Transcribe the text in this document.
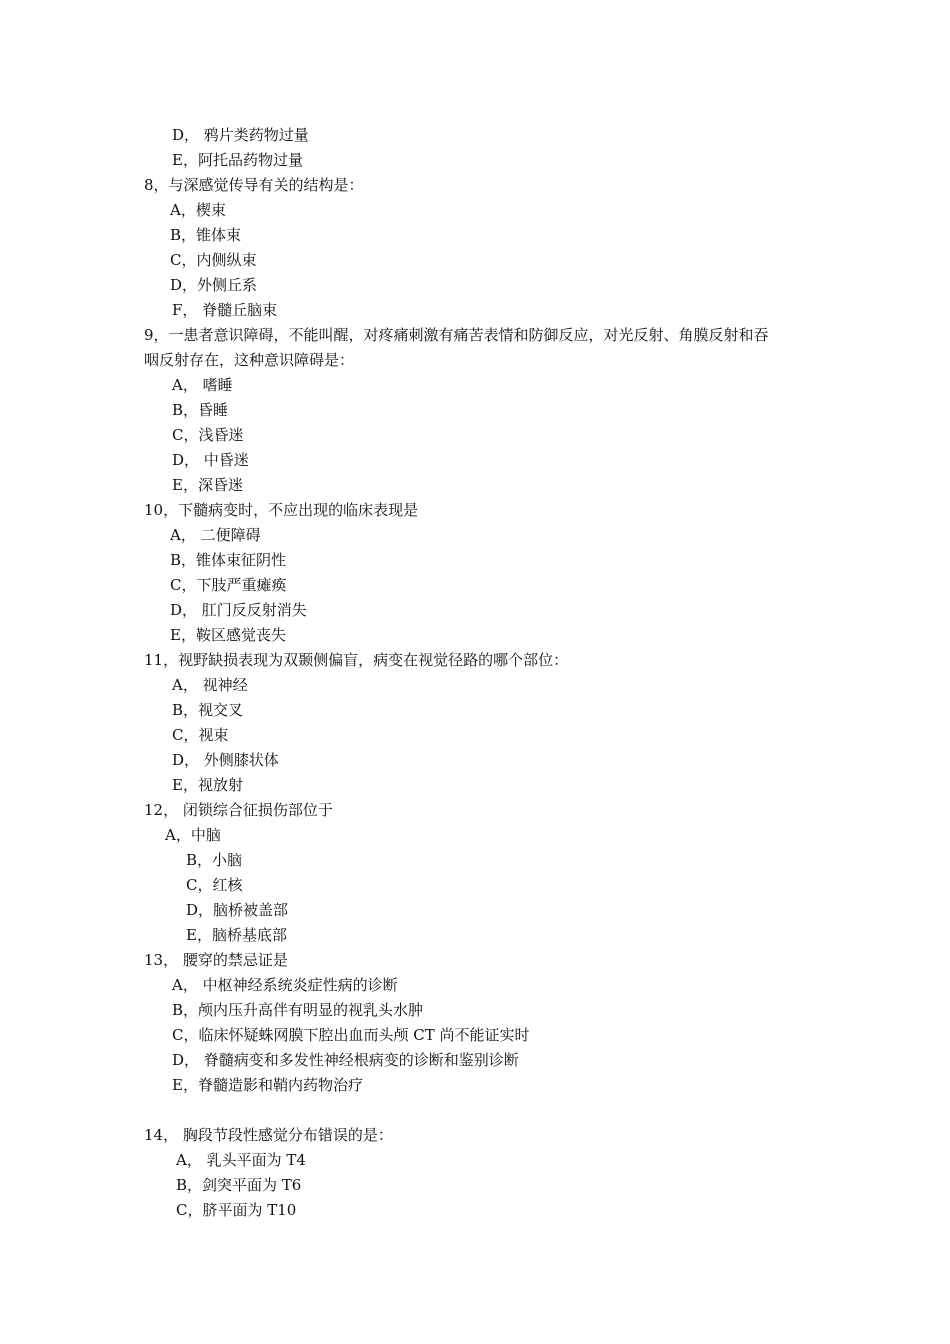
D， 鸦片类药物过量
E，阿托品药物过量
8，与深感觉传导有关的结构是：
A，楔束
B，锥体束
C，内侧纵束
D，外侧丘系
F， 脊髓丘脑束
9，一患者意识障碍，不能叫醒，对疼痛刺激有痛苦表情和防御反应，对光反射、角膜反射和吞
咽反射存在，这种意识障碍是：
A， 嗜睡
B，昏睡
C，浅昏迷
D， 中昏迷
E，深昏迷
10，下髓病变时，不应出现的临床表现是
A， 二便障碍
B，锥体束征阴性
C，下肢严重瘫痪
D， 肛门反反射消失
E，鞍区感觉丧失
11，视野缺损表现为双颞侧偏盲，病变在视觉径路的哪个部位：
A， 视神经
B，视交叉
C，视束
D， 外侧膝状体
E，视放射
12， 闭锁综合征损伤部位于
A，中脑
B，小脑
C，红核
D，脑桥被盖部
E，脑桥基底部
13， 腰穿的禁忌证是
A， 中枢神经系统炎症性病的诊断
B，颅内压升高伴有明显的视乳头水肿
C，临床怀疑蛛网膜下腔出血而头颅 CT 尚不能证实时
D， 脊髓病变和多发性神经根病变的诊断和鉴别诊断
E，脊髓造影和鞘内药物治疗
14， 胸段节段性感觉分布错误的是：
A， 乳头平面为 T4
B，剑突平面为 T6
C，脐平面为 T10
